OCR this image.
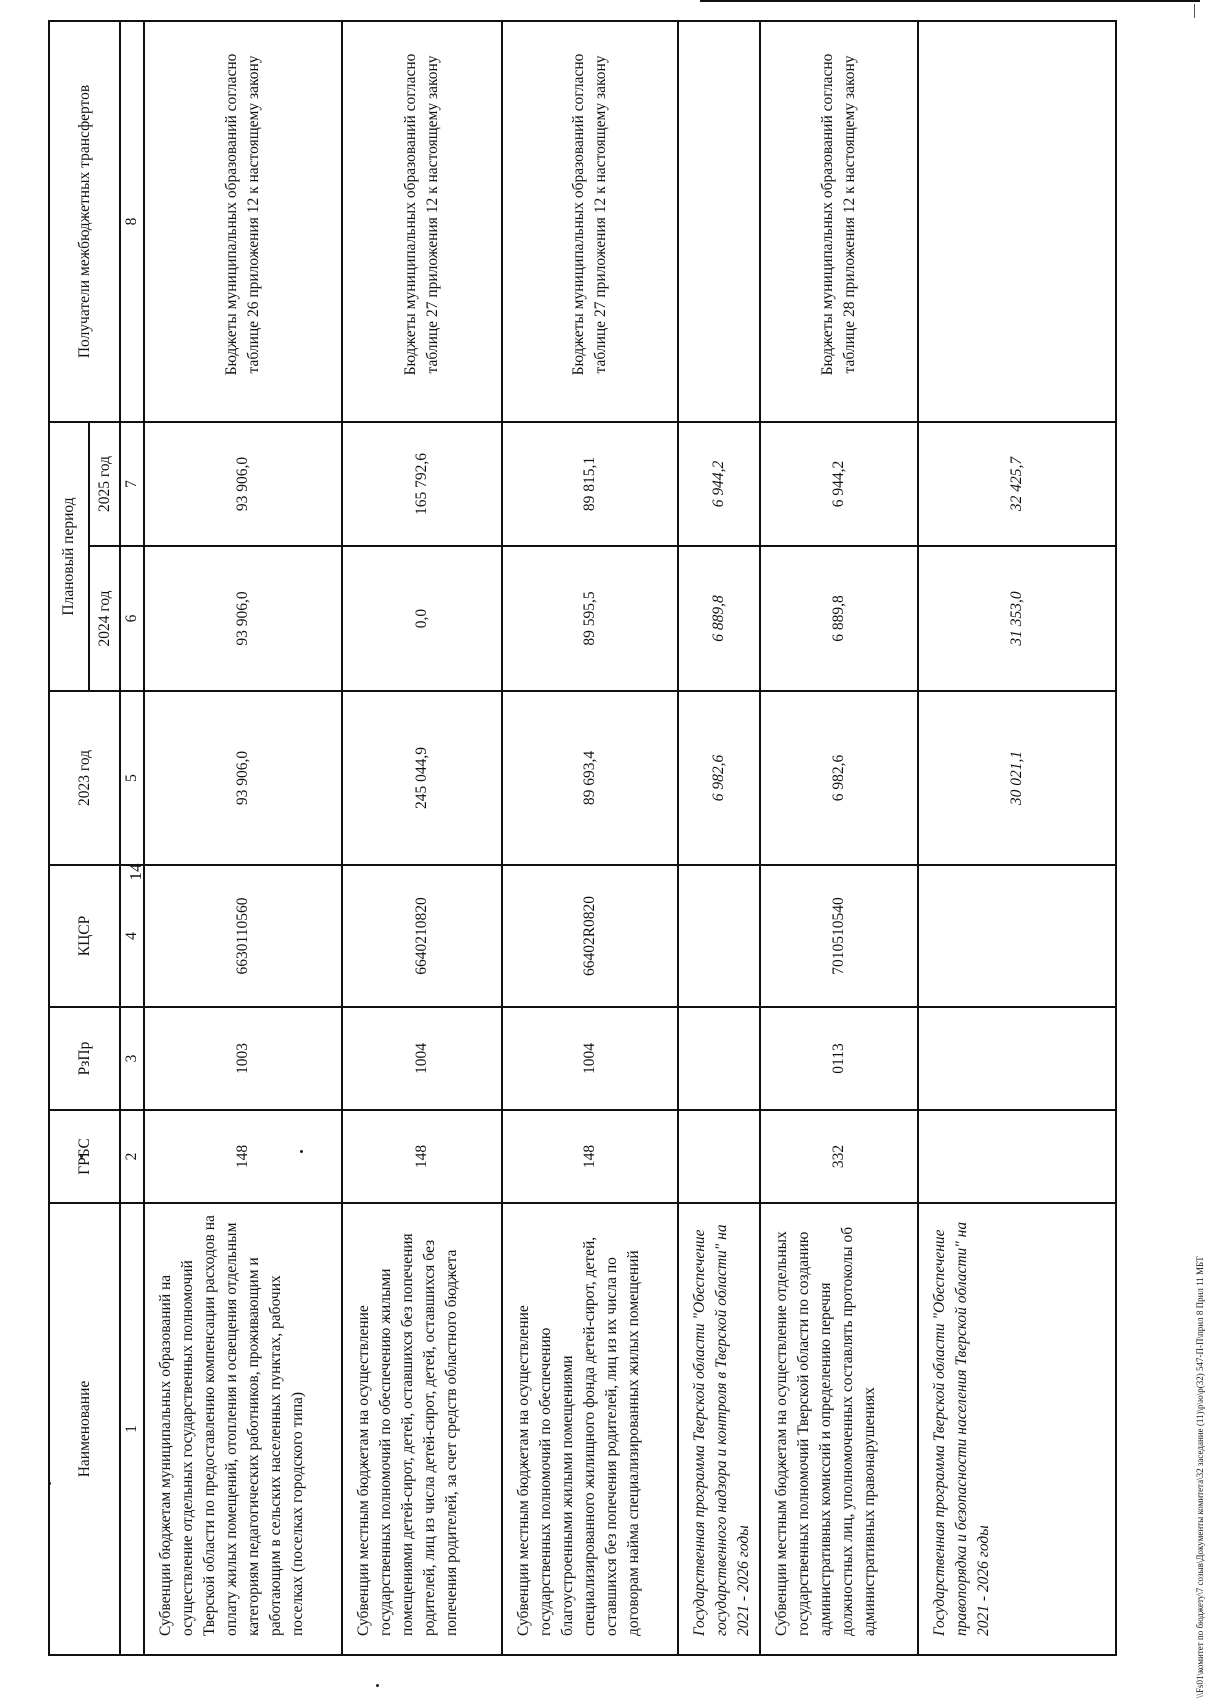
14
Наименование	ГРБС	РзПр	КЦСР	2023 год	Плановый период		Получатели межбюджетных трансфертов
					2024 год	2025 год	
1	2	3	4	5	6	7	8
Субвенции бюджетам муниципальных образований на осуществление отдельных государственных полномочий Тверской области по предоставлению компенсации расходов на оплату жилых помещений, отопления и освещения отдельным категориям педагогических работников, проживающим и работающим в сельских населенных пунктах, рабочих поселках (поселках городского типа)	148	1003	6630110560	93 906,0	93 906,0	93 906,0	Бюджеты муниципальных образований согласно таблице 26 приложения 12 к настоящему закону
Субвенции местным бюджетам на осуществление государственных полномочий по обеспечению жилыми помещениями детей-сирот, детей, оставшихся без попечения родителей, лиц из числа детей-сирот, детей, оставшихся без попечения родителей, за счет средств областного бюджета	148	1004	6640210820	245 044,9	0,0	165 792,6	Бюджеты муниципальных образований согласно таблице 27 приложения 12 к настоящему закону
Субвенции местным бюджетам на осуществление государственных полномочий по обеспечению благоустроенными жилыми помещениями специализированного жилищного фонда детей-сирот, детей, оставшихся без попечения родителей, лиц из их числа по договорам найма специализированных жилых помещений	148	1004	66402R0820	89 693,4	89 595,5	89 815,1	Бюджеты муниципальных образований согласно таблице 27 приложения 12 к настоящему закону
Государственная программа Тверской области "Обеспечение государственного надзора и контроля в Тверской области" на 2021 - 2026 годы				6 982,6	6 889,8	6 944,2	
Субвенции местным бюджетам на осуществление отдельных государственных полномочий Тверской области по созданию административных комиссий и определению перечня должностных лиц, уполномоченных составлять протоколы об административных правонарушениях	332	0113	7010510540	6 982,6	6 889,8	6 944,2	Бюджеты муниципальных образований согласно таблице 28 приложения 12 к настоящему закону
Государственная программа Тверской области "Обеспечение правопорядка и безопасности населения Тверской области" на 2021 - 2026 годы				30 021,1	31 353,0	32 425,7	
\\Fs01\комитет по бюджету\7 созыв\Документы комитета\32 заседание (11)\р\ю\р(32) 547-П-П\прил 8 Прил 11 МБТ
